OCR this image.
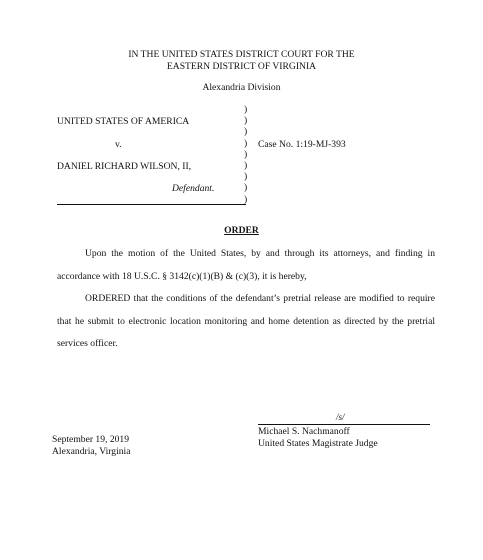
IN THE UNITED STATES DISTRICT COURT FOR THE
EASTERN DISTRICT OF VIRGINIA
Alexandria Division
UNITED STATES OF AMERICA
v.
DANIEL RICHARD WILSON, II,
Defendant.
)
)
)
)
)
)
)
)
)
Case No. 1:19-MJ-393
ORDER
Upon the motion of the United States, by and through its attorneys, and finding in accordance with 18 U.S.C. § 3142(c)(1)(B) & (c)(3), it is hereby,
ORDERED that the conditions of the defendant’s pretrial release are modified to require that he submit to electronic location monitoring and home detention as directed by the pretrial services officer.
/s/
Michael S. Nachmanoff
United States Magistrate Judge
September 19, 2019
Alexandria, Virginia
